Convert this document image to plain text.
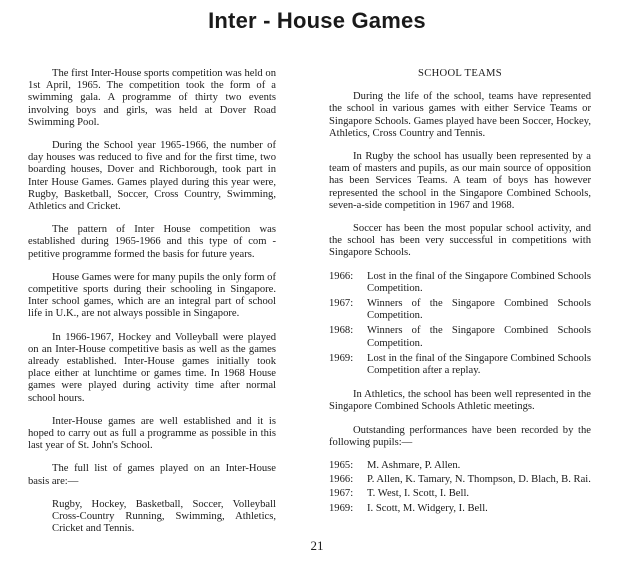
Inter - House Games

The first Inter-House sports competition was held on 1st April, 1965. The competition took the form of a swimming gala. A programme of thirty two events involving boys and girls, was held at Dover Road Swimming Pool.

During the School year 1965-1966, the number of day houses was reduced to five and for the first time, two boarding houses, Dover and Richborough, took part in Inter House Games. Games played during this year were, Rugby, Basketball, Soccer, Cross Country, Swimming, Athletics and Cricket.

The pattern of Inter House competition was established during 1965-1966 and this type of com -petitive programme formed the basis for future years.

House Games were for many pupils the only form of competitive sports during their schooling in Singapore. Inter school games, which are an integral part of school life in U.K., are not always possible in Singapore.

In 1966-1967, Hockey and Volleyball were played on an Inter-House competitive basis as well as the games already established. Inter-House games initially took place either at lunchtime or games time. In 1968 House games were played during activity time after normal school hours.

Inter-House games are well established and it is hoped to carry out as full a programme as possible in this last year of St. John's School.

The full list of games played on an Inter-House basis are:—

Rugby, Hockey, Basketball, Soccer, Volleyball Cross-Country Running, Swimming, Athletics, Cricket and Tennis.

SCHOOL TEAMS

During the life of the school, teams have represented the school in various games with either Service Teams or Singapore Schools. Games played have been Soccer, Hockey, Athletics, Cross Country and Tennis.

In Rugby the school has usually been represented by a team of masters and pupils, as our main source of opposition has been Services Teams. A team of boys has however represented the school in the Singapore Combined Schools, seven-a-side competition in 1967 and 1968.

Soccer has been the most popular school activity, and the school has been very successful in competitions with Singapore Schools.

1966:	Lost in the final of the Singapore Combined Schools Competition.
1967:	Winners of the Singapore Combined Schools Competition.
1968:	Winners of the Singapore Combined Schools Competition.
1969:	Lost in the final of the Singapore Combined Schools Competition after a replay.

In Athletics, the school has been well represented in the Singapore Combined Schools Athletic meetings.

Outstanding performances have been recorded by the following pupils:—

1965:	M. Ashmare, P. Allen.
1966:	P. Allen, K. Tamary, N. Thompson, D. Blach, B. Rai.
1967:	T. West, I. Scott, I. Bell.
1969:	I. Scott, M. Widgery, I. Bell.
21
